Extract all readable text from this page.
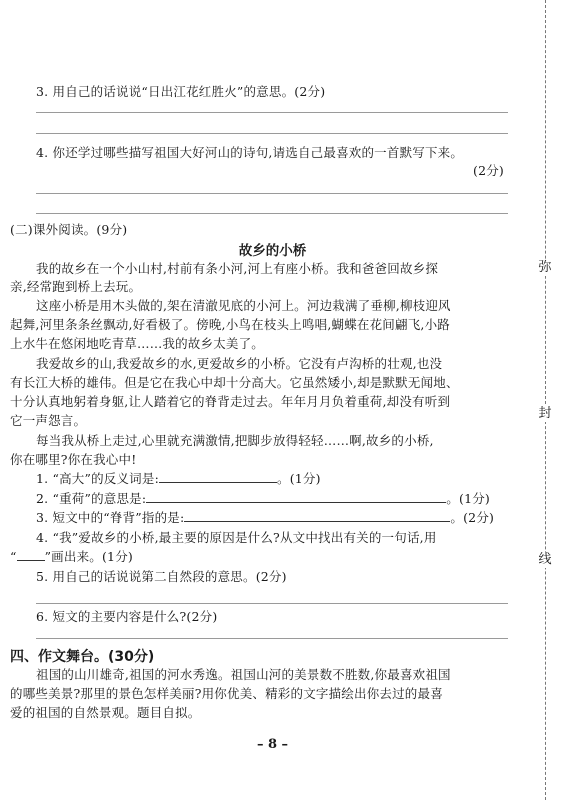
3. 用自己的话说说“日出江花红胜火”的意思。(2分)
4. 你还学过哪些描写祖国大好河山的诗句,请选自己最喜欢的一首默写下来。
(2分)
(二)课外阅读。(9分)
故乡的小桥
我的故乡在一个小山村,村前有条小河,河上有座小桥。我和爸爸回故乡探
亲,经常跑到桥上去玩。
这座小桥是用木头做的,架在清澈见底的小河上。河边栽满了垂柳,柳枝迎风
起舞,河里条条丝飘动,好看极了。傍晚,小鸟在枝头上鸣唱,蝴蝶在花间翩飞,小路
上水牛在悠闲地吃青草……我的故乡太美了。
我爱故乡的山,我爱故乡的水,更爱故乡的小桥。它没有卢沟桥的壮观,也没
有长江大桥的雄伟。但是它在我心中却十分高大。它虽然矮小,却是默默无闻地、
十分认真地躬着身躯,让人踏着它的脊背走过去。年年月月负着重荷,却没有听到
它一声怨言。
每当我从桥上走过,心里就充满激情,把脚步放得轻轻……啊,故乡的小桥,
你在哪里?你在我心中!
1. “高大”的反义词是:	。(1分)
2. “重荷”的意思是:	。(1分)
3. 短文中的“脊背”指的是:	。(2分)
4. “我”爱故乡的小桥,最主要的原因是什么?从文中找出有关的一句话,用
“ ”画出来。(1分)
5. 用自己的话说说第二自然段的意思。(2分)
6. 短文的主要内容是什么?(2分)
四、作文舞台。(30分)
祖国的山川雄奇,祖国的河水秀逸。祖国山河的美景数不胜数,你最喜欢祖国
的哪些美景?那里的景色怎样美丽?用你优美、精彩的文字描绘出你去过的最喜
爱的祖国的自然景观。题目自拟。
– 8 –
弥
封
线
